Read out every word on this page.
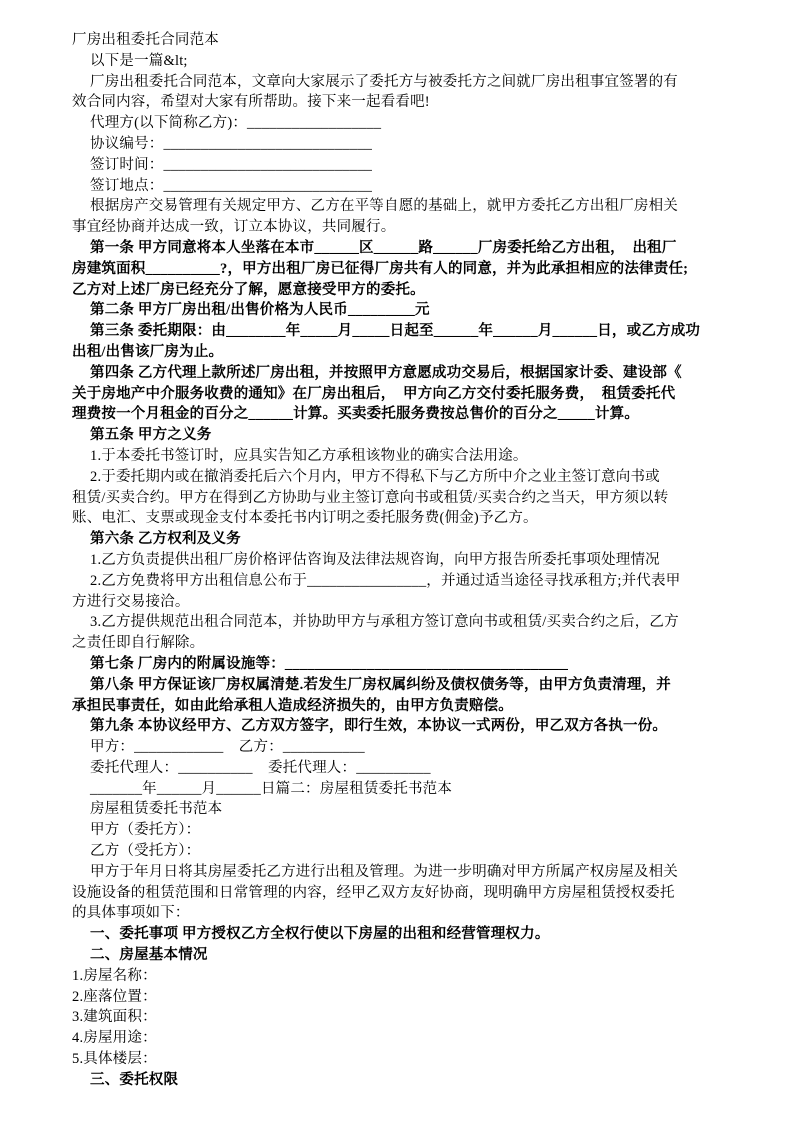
厂房出租委托合同范本
以下是一篇&lt;
厂房出租委托合同范本，文章向大家展示了委托方与被委托方之间就厂房出租事宜签署的有
效合同内容，希望对大家有所帮助。接下来一起看看吧!
代理方(以下简称乙方)：__________________
协议编号：____________________________
签订时间：____________________________
签订地点：____________________________
根据房产交易管理有关规定甲方、乙方在平等自愿的基础上，就甲方委托乙方出租厂房相关
事宜经协商并达成一致，订立本协议，共同履行。
第一条 甲方同意将本人坐落在本市______区______路______厂房委托给乙方出租，  出租厂
房建筑面积__________?，甲方出租厂房已征得厂房共有人的同意，并为此承担相应的法律责任;
乙方对上述厂房已经充分了解，愿意接受甲方的委托。
第二条 甲方厂房出租/出售价格为人民币_________元
第三条 委托期限：由________年_____月_____日起至______年______月______日，或乙方成功
出租/出售该厂房为止。
第四条 乙方代理上款所述厂房出租，并按照甲方意愿成功交易后，根据国家计委、建设部《
关于房地产中介服务收费的通知》在厂房出租后，  甲方向乙方交付委托服务费，  租赁委托代
理费按一个月租金的百分之______计算。买卖委托服务费按总售价的百分之_____计算。
第五条 甲方之义务
1.于本委托书签订时，应具实告知乙方承租该物业的确实合法用途。
2.于委托期内或在撤消委托后六个月内，甲方不得私下与乙方所中介之业主签订意向书或
租赁/买卖合约。甲方在得到乙方协助与业主签订意向书或租赁/买卖合约之当天，甲方须以转
账、电汇、支票或现金支付本委托书内订明之委托服务费(佣金)予乙方。
第六条 乙方权利及义务
1.乙方负责提供出租厂房价格评估咨询及法律法规咨询，向甲方报告所委托事项处理情况
2.乙方免费将甲方出租信息公布于________________，并通过适当途径寻找承租方;并代表甲
方进行交易接洽。
3.乙方提供规范出租合同范本，并协助甲方与承租方签订意向书或租赁/买卖合约之后，乙方
之责任即自行解除。
第七条 厂房内的附属设施等：______________________________________
第八条 甲方保证该厂房权属清楚.若发生厂房权属纠纷及债权债务等，由甲方负责清理，并
承担民事责任，如由此给承租人造成经济损失的，由甲方负责赔偿。
第九条 本协议经甲方、乙方双方签字，即行生效，本协议一式两份，甲乙双方各执一份。
甲方：____________    乙方：___________
委托代理人：__________    委托代理人：__________
_______年______月______日篇二：房屋租赁委托书范本
房屋租赁委托书范本
甲方（委托方）：
乙方（受托方）：
甲方于年月日将其房屋委托乙方进行出租及管理。为进一步明确对甲方所属产权房屋及相关
设施设备的租赁范围和日常管理的内容，经甲乙双方友好协商，现明确甲方房屋租赁授权委托
的具体事项如下：
一、委托事项 甲方授权乙方全权行使以下房屋的出租和经营管理权力。
二、房屋基本情况
1.房屋名称：
2.座落位置：
3.建筑面积：
4.房屋用途：
5.具体楼层：
三、委托权限
